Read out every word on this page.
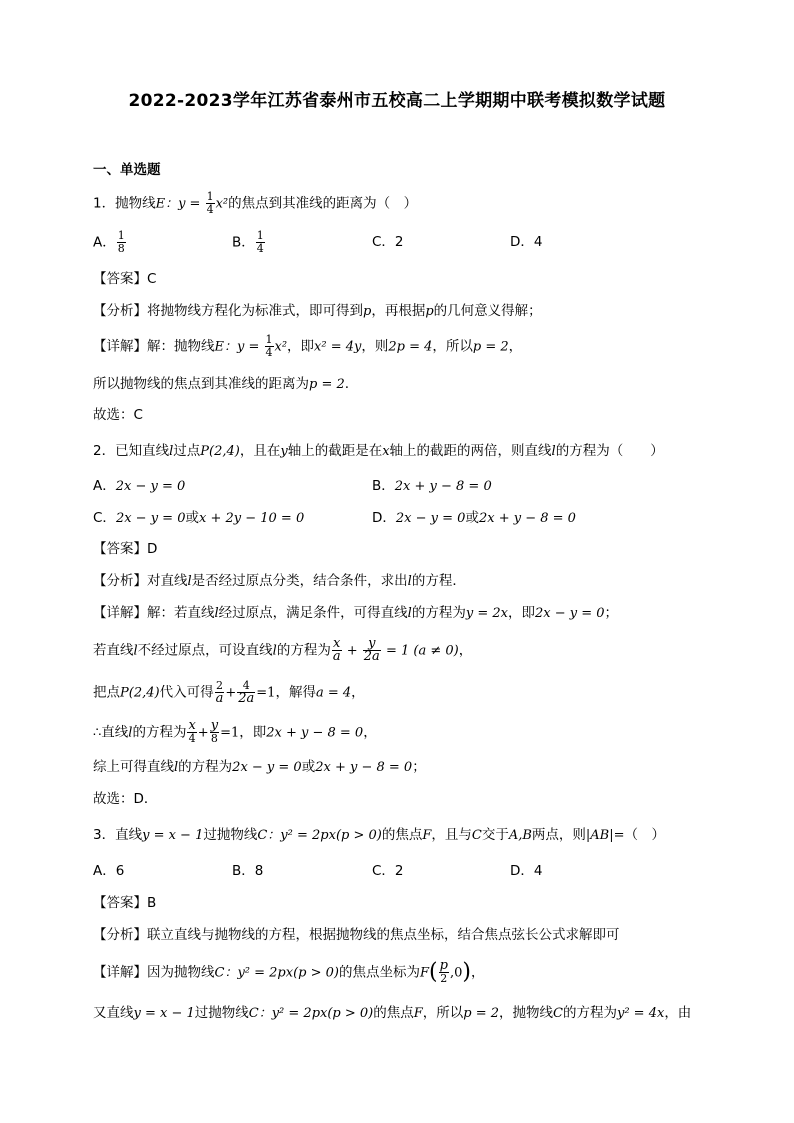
2022-2023学年江苏省泰州市五校高二上学期期中联考模拟数学试题
一、单选题
1．抛物线E：$y = \frac{1}{4} x^2$的焦点到其准线的距离为（　）
A． $\frac{1}{8}$	B． $\frac{1}{4}$	C．2	D．4
【答案】C
【分析】将抛物线方程化为标准式，即可得到p，再根据p的几何意义得解；
【详解】解：抛物线E：$y = \frac{1}{4} x^2$，即x² = 4y，则2p = 4，所以p = 2，
所以抛物线的焦点到其准线的距离为p = 2.
故选：C
2．已知直线l过点P(2,4)，且在y轴上的截距是在x轴上的截距的两倍，则直线l的方程为（　　）
A．2x − y = 0	B．2x + y − 8 = 0
C．2x − y = 0或x + 2y − 10 = 0	D．2x − y = 0或2x + y − 8 = 0
【答案】D
【分析】对直线l是否经过原点分类，结合条件，求出l的方程．
【详解】解：若直线l经过原点，满足条件，可得直线l的方程为y = 2x，即2x − y = 0；
若直线l不经过原点，可设直线l的方程为 $\frac{x}{a} + \frac{y}{2a} = 1$ (a ≠ 0)，
把点P(2,4)代入可得 $\frac{2}{a} + \frac{4}{2a} =1$，解得a = 4，
∴直线l的方程为 $\frac{x}{4} + \frac{y}{8} =1$，即2x + y − 8 = 0，
综上可得直线l的方程为2x − y = 0或2x + y − 8 = 0；
故选：D．
3．直线y = x − 1过抛物线C：y² = 2px(p > 0)的焦点F，且与C交于A,B两点，则|AB|=（　）
A．6	B．8	C．2	D．4
【答案】B
【分析】联立直线与抛物线的方程，根据抛物线的焦点坐标，结合焦点弦长公式求解即可
【详解】因为抛物线C：y² = 2px(p > 0)的焦点坐标为$F( \frac{p}{2} ,0)$，
又直线y = x − 1过抛物线C：y² = 2px(p > 0)的焦点F，所以p = 2，抛物线C的方程为y² = 4x，由
